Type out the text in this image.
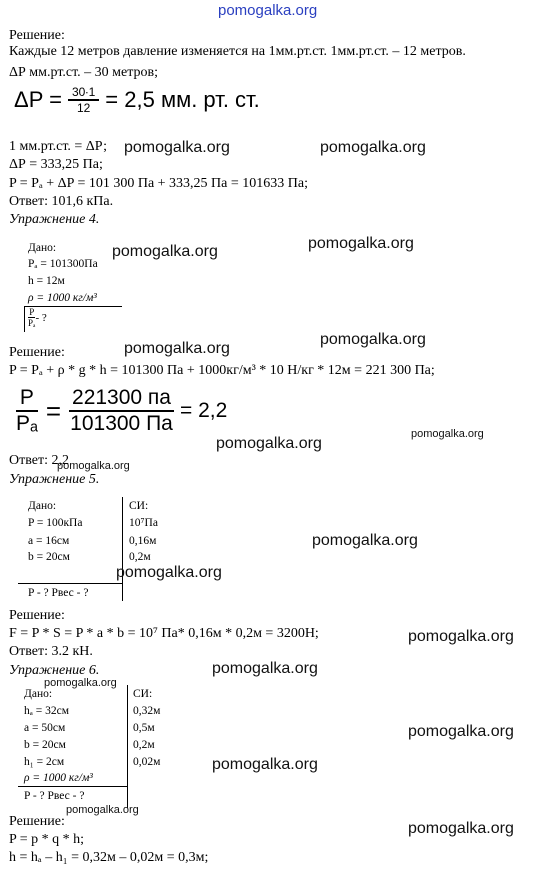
pomogalka.org
Решение:
Каждые 12 метров давление изменяется на 1мм.рт.ст. 1мм.рт.ст. – 12 метров.
ΔР мм.рт.ст. – 30 метров;
$\Delta P = \frac{30\cdot 1}{12} = 2,5$ мм. рт. ст.
1 мм.рт.ст. = ΔР;
ΔР = 333,25 Па;
P = Pₐ + ΔP = 101 300 Па + 333,25 Па = 101633 Па;
Ответ: 101,6 кПа.
pomogalka.org	pomogalka.org
Упражнение 4.
Дано:
Pₐ = 101300Па
h = 12м
ρ = 1000 кг/м³
$\frac{P}{\text{Pₐ}}$ - ?
pomogalka.org	pomogalka.org
pomogalka.org
pomogalka.org
Решение:
P = Pₐ + ρ * g * h = 101300 Па + 1000кг/м³ * 10 Н/кг * 12м = 221 300 Па;
$\frac{P}{\text{Pₐ}} = \frac{221300 па}{101300 Па} = 2,2$
pomogalka.org
pomogalka.org
Ответ: 2,2
pomogalka.org
Упражнение 5.
Дано:	СИ:
P = 100кПа	10⁷Па
a = 16см	0,16м
b = 20см	0,2м
P - ? Pвес - ?
pomogalka.org
pomogalka.org
Решение:
F = P * S = P * a * b = 10⁷ Па* 0,16м * 0,2м = 3200Н;
Ответ: 3.2 кН.
pomogalka.org
Упражнение 6.	pomogalka.org
pomogalka.org
Дано:	СИ:
hₐ = 32см	0,32м
a = 50см	0,5м
b = 20см	0,2м
h₁ = 2см	0,02м
ρ = 1000 кг/м³
P - ? Pвес - ?
pomogalka.org
pomogalka.org
pomogalka.org
Решение:
P = p * q * h;
h = hₐ – h₁ = 0,32м – 0,02м = 0,3м;
pomogalka.org
